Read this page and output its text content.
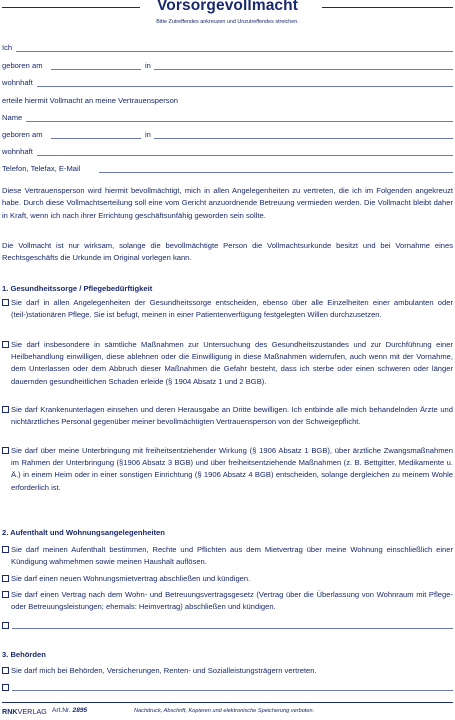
Vorsorgevollmacht
Bitte Zutreffendes ankreuzen und Unzutreffendes streichen.
Ich
geboren am	in
wohnhaft
erteile hiermit Vollmacht an meine Vertrauensperson
Name
geboren am	in
wohnhaft
Telefon, Telefax, E-Mail
Diese Vertrauensperson wird hiermit bevollmächtigt, mich in allen Angelegenheiten zu vertreten, die ich im Folgenden angekreuzt habe. Durch diese Vollmachtserteilung soll eine vom Gericht anzuordnende Betreuung vermieden werden. Die Vollmacht bleibt daher in Kraft, wenn ich nach ihrer Errichtung geschäftsunfähig geworden sein sollte.
Die Vollmacht ist nur wirksam, solange die bevollmächtigte Person die Vollmachtsurkunde besitzt und bei Vornahme eines Rechtsgeschäfts die Urkunde im Original vorlegen kann.
1. Gesundheitssorge / Pflegebedürftigkeit
Sie darf in allen Angelegenheiten der Gesundheitssorge entscheiden, ebenso über alle Einzelheiten einer ambulanten oder (teil-)stationären Pflege. Sie ist befugt, meinen in einer Patientenverfügung festgelegten Willen durchzusetzen.
Sie darf insbesondere in sämtliche Maßnahmen zur Untersuchung des Gesundheitszustandes und zur Durchführung einer Heilbehandlung einwilligen, diese ablehnen oder die Einwilligung in diese Maßnahmen widerrufen, auch wenn mit der Vornahme, dem Unterlassen oder dem Abbruch dieser Maßnahmen die Gefahr besteht, dass ich sterbe oder einen schweren oder länger dauernden gesundheitlichen Schaden erleide (§ 1904 Absatz 1 und 2 BGB).
Sie darf Krankenunterlagen einsehen und deren Herausgabe an Dritte bewilligen. Ich entbinde alle mich behandelnden Ärzte und nichtärztliches Personal gegenüber meiner bevollmächtigten Vertrauensperson von der Schweigepflicht.
Sie darf über meine Unterbringung mit freiheitsentziehender Wirkung (§ 1906 Absatz 1 BGB), über ärztliche Zwangsmaßnahmen im Rahmen der Unterbringung (§1906 Absatz 3 BGB) und über freiheitsentziehende Maßnahmen (z. B. Bettgitter, Medikamente u. Ä.) in einem Heim oder in einer sonstigen Einrichtung (§ 1906 Absatz 4 BGB) entscheiden, solange dergleichen zu meinem Wohle erforderlich ist.
2. Aufenthalt und Wohnungsangelegenheiten
Sie darf meinen Aufenthalt bestimmen, Rechte und Pflichten aus dem Mietvertrag über meine Wohnung einschließlich einer Kündigung wahrnehmen sowie meinen Haushalt auflösen.
Sie darf einen neuen Wohnungsmietvertrag abschließen und kündigen.
Sie darf einen Vertrag nach dem Wohn- und Betreuungsvertragsgesetz (Vertrag über die Überlassung von Wohnraum mit Pflege- oder Betreuungsleistungen; ehemals: Heimvertrag) abschließen und kündigen.
3. Behörden
Sie darf mich bei Behörden, Versicherungen, Renten- und Sozialleistungsträgern vertreten.
RNKVERLAG Art.Nr. 2895	Nachdruck, Abschrift, Kopieren und elektronische Speicherung verboten.
